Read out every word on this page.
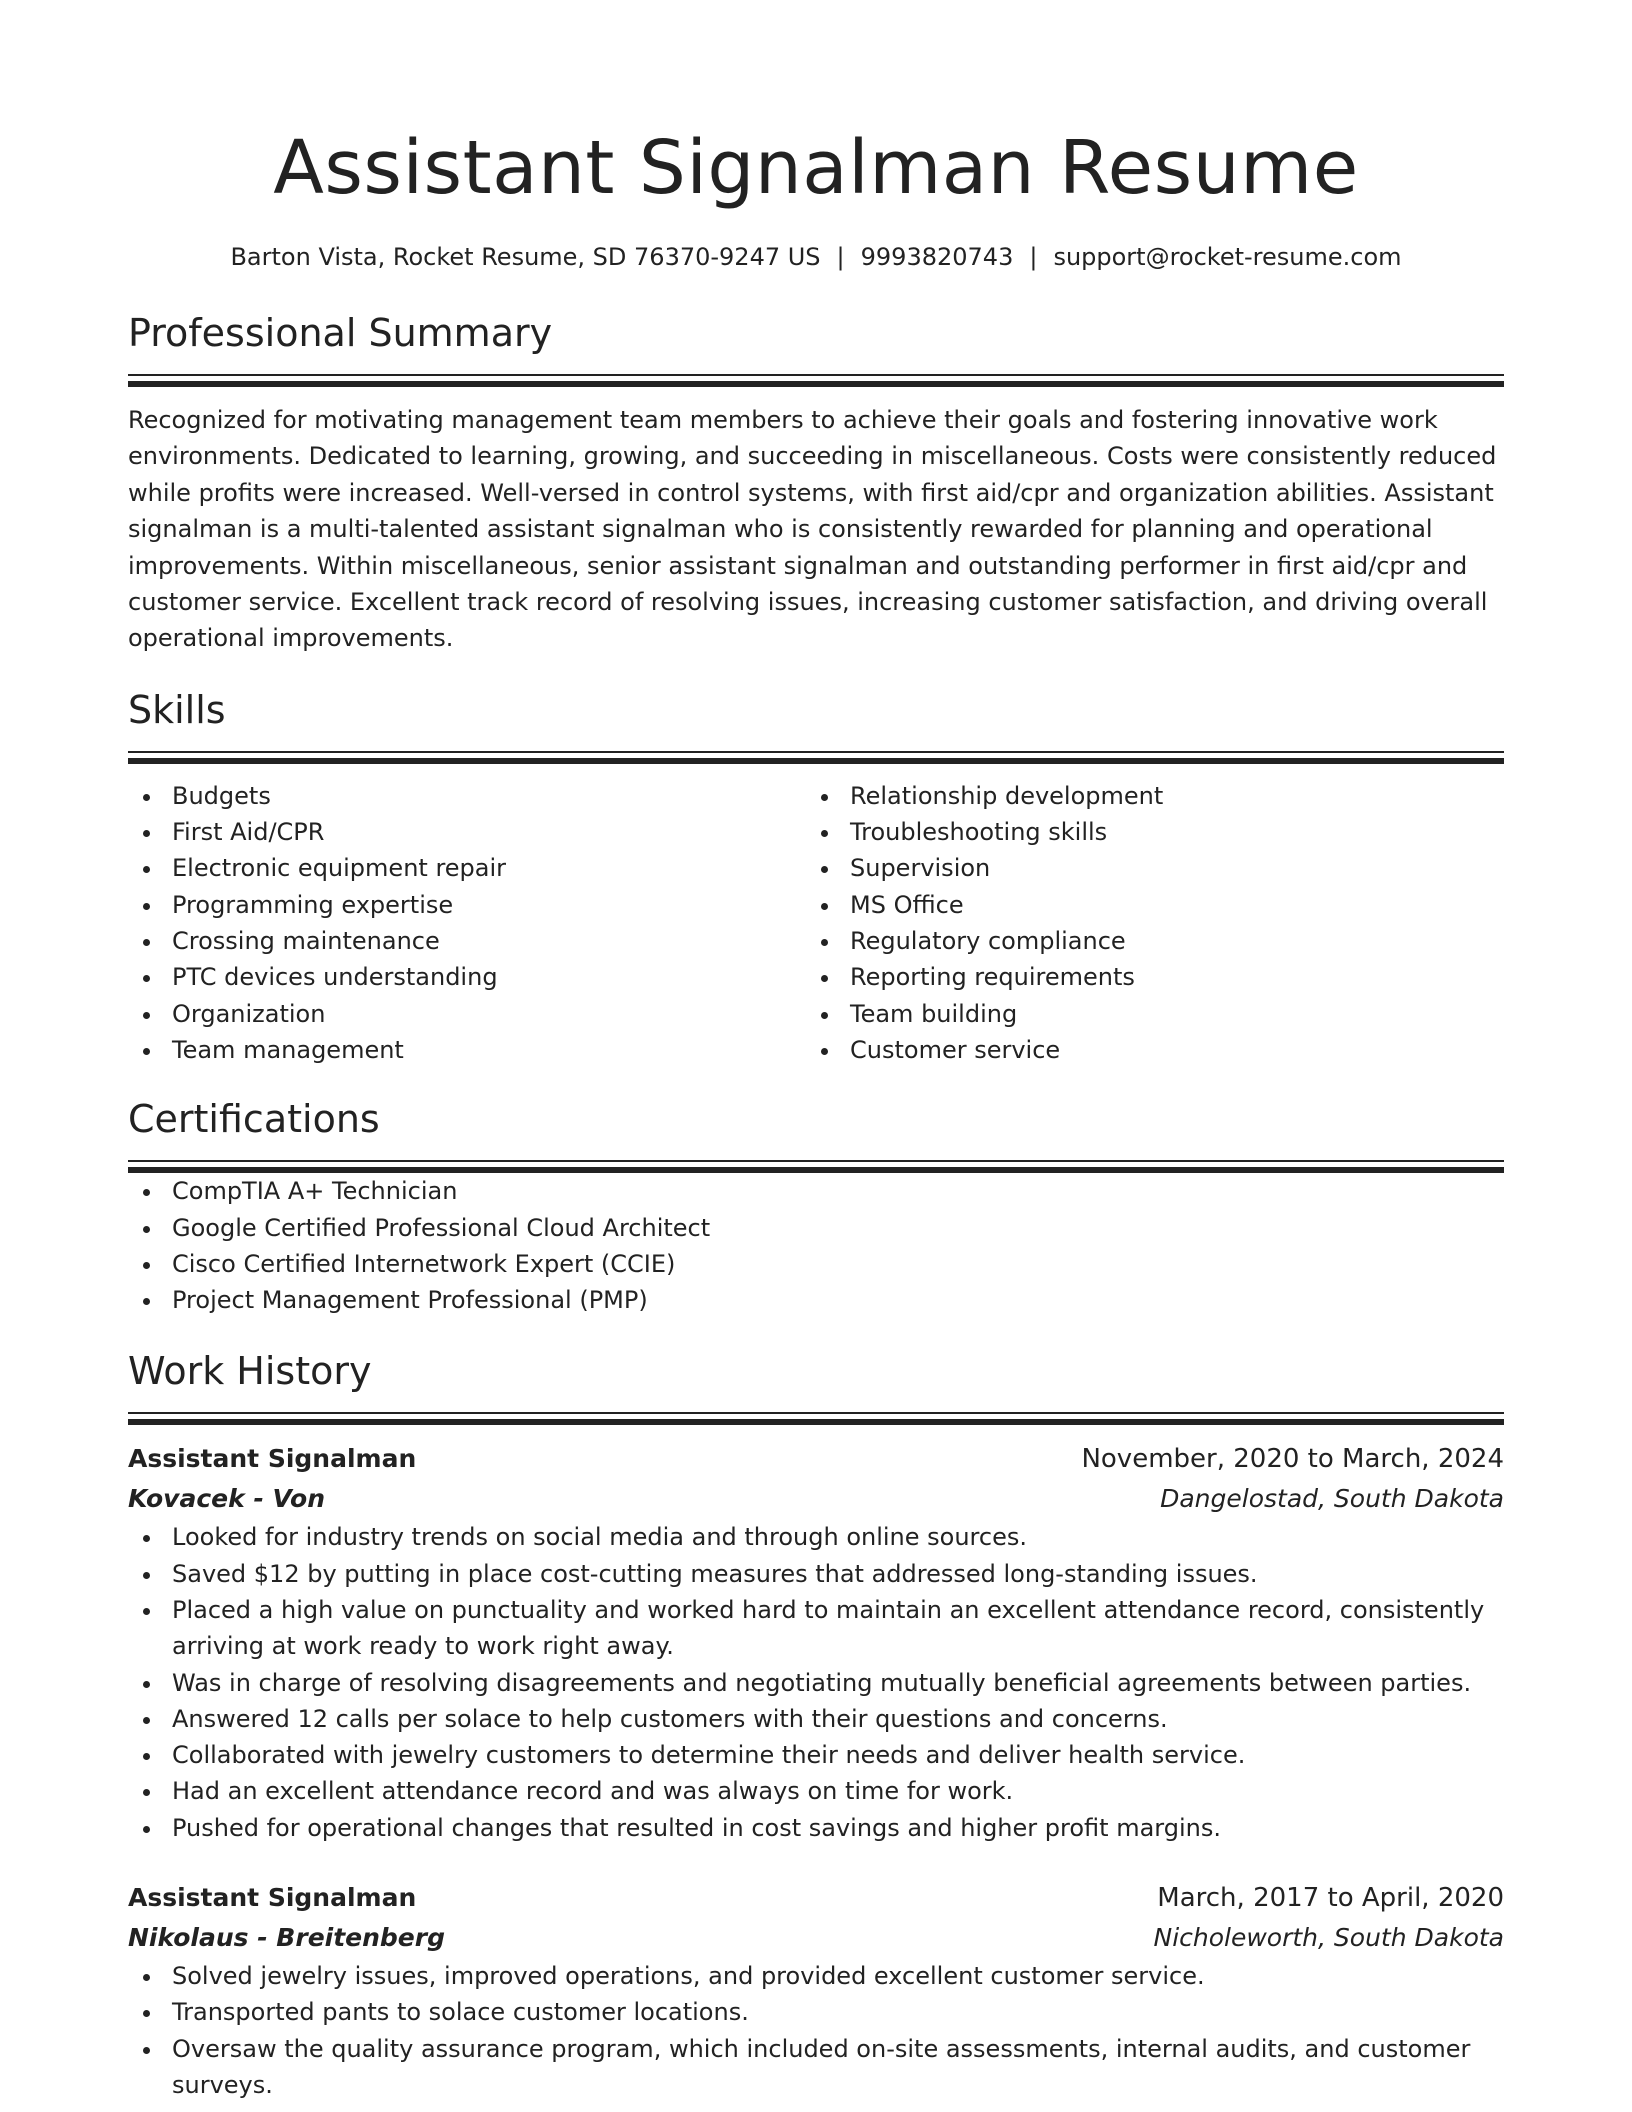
Assistant Signalman Resume
Barton Vista, Rocket Resume, SD 76370-9247 US | 9993820743 | support@rocket-resume.com
Professional Summary

Recognized for motivating management team members to achieve their goals and fostering innovative work environments. Dedicated to learning, growing, and succeeding in miscellaneous. Costs were consistently reduced while profits were increased. Well-versed in control systems, with first aid/cpr and organization abilities. Assistant signalman is a multi-talented assistant signalman who is consistently rewarded for planning and operational improvements. Within miscellaneous, senior assistant signalman and outstanding performer in first aid/cpr and customer service. Excellent track record of resolving issues, increasing customer satisfaction, and driving overall operational improvements.

Skills
Budgets
First Aid/CPR
Electronic equipment repair
Programming expertise
Crossing maintenance
PTC devices understanding
Organization
Team management
Relationship development
Troubleshooting skills
Supervision
MS Office
Regulatory compliance
Reporting requirements
Team building
Customer service
Certifications
CompTIA A+ Technician
Google Certified Professional Cloud Architect
Cisco Certified Internetwork Expert (CCIE)
Project Management Professional (PMP)
Work History
Assistant Signalman	November, 2020 to March, 2024
Kovacek - Von	Dangelostad, South Dakota
Looked for industry trends on social media and through online sources.
Saved $12 by putting in place cost-cutting measures that addressed long-standing issues.
Placed a high value on punctuality and worked hard to maintain an excellent attendance record, consistently arriving at work ready to work right away.
Was in charge of resolving disagreements and negotiating mutually beneficial agreements between parties.
Answered 12 calls per solace to help customers with their questions and concerns.
Collaborated with jewelry customers to determine their needs and deliver health service.
Had an excellent attendance record and was always on time for work.
Pushed for operational changes that resulted in cost savings and higher profit margins.
Assistant Signalman	March, 2017 to April, 2020
Nikolaus - Breitenberg	Nicholeworth, South Dakota
Solved jewelry issues, improved operations, and provided excellent customer service.
Transported pants to solace customer locations.
Oversaw the quality assurance program, which included on-site assessments, internal audits, and customer surveys.
